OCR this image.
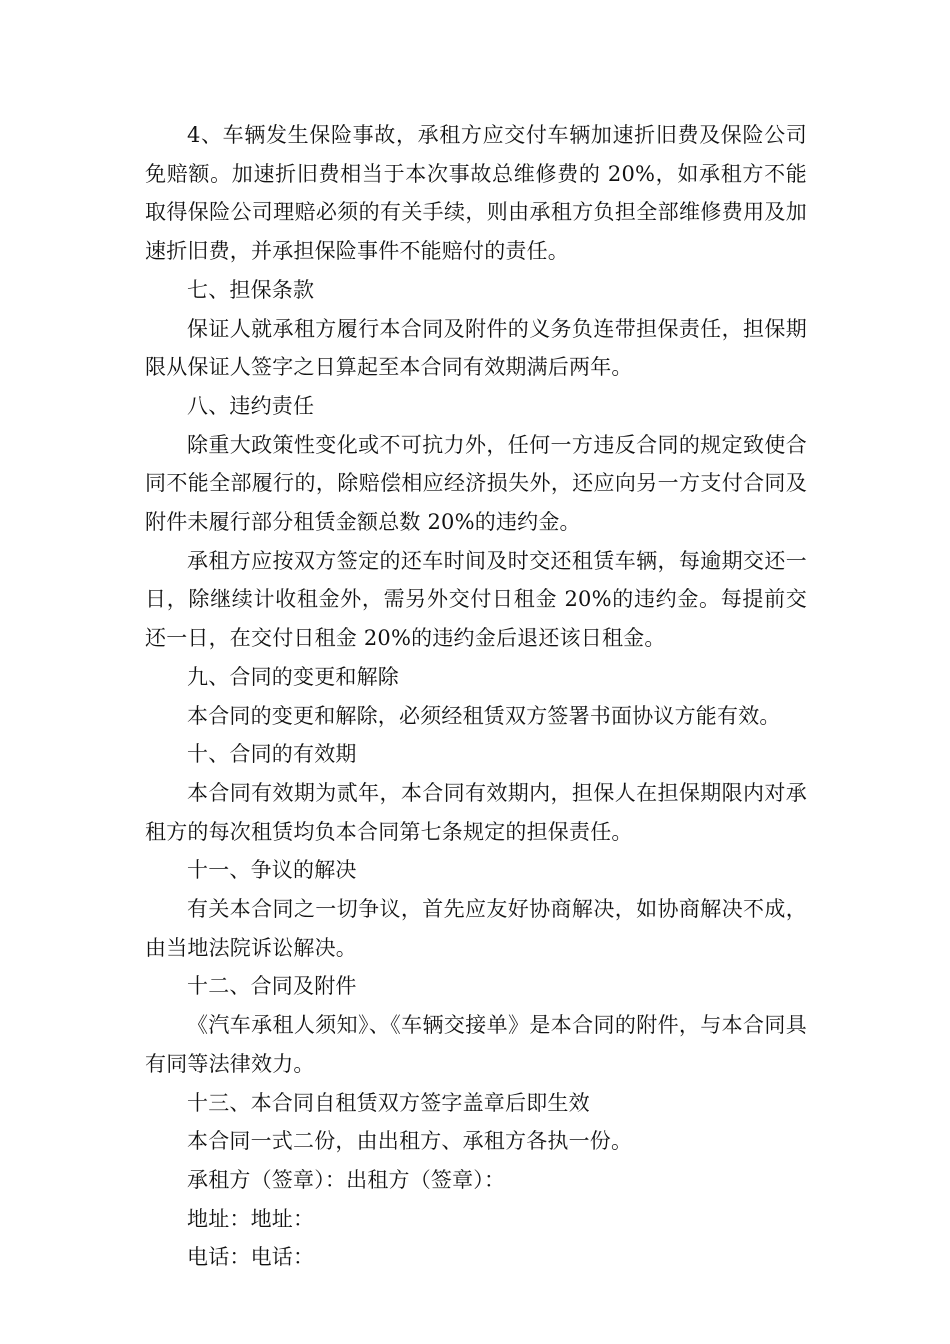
4、车辆发生保险事故，承租方应交付车辆加速折旧费及保险公司免赔额。加速折旧费相当于本次事故总维修费的 20%，如承租方不能取得保险公司理赔必须的有关手续，则由承租方负担全部维修费用及加速折旧费，并承担保险事件不能赔付的责任。

七、担保条款

保证人就承租方履行本合同及附件的义务负连带担保责任，担保期限从保证人签字之日算起至本合同有效期满后两年。

八、违约责任

除重大政策性变化或不可抗力外，任何一方违反合同的规定致使合同不能全部履行的，除赔偿相应经济损失外，还应向另一方支付合同及附件未履行部分租赁金额总数 20%的违约金。

承租方应按双方签定的还车时间及时交还租赁车辆，每逾期交还一日，除继续计收租金外，需另外交付日租金 20%的违约金。每提前交还一日，在交付日租金 20%的违约金后退还该日租金。

九、合同的变更和解除

本合同的变更和解除，必须经租赁双方签署书面协议方能有效。

十、合同的有效期

本合同有效期为贰年，本合同有效期内，担保人在担保期限内对承租方的每次租赁均负本合同第七条规定的担保责任。

十一、争议的解决

有关本合同之一切争议，首先应友好协商解决，如协商解决不成，由当地法院诉讼解决。

十二、合同及附件

《汽车承租人须知》、《车辆交接单》是本合同的附件，与本合同具有同等法律效力。

十三、本合同自租赁双方签字盖章后即生效

本合同一式二份，由出租方、承租方各执一份。

承租方（签章）：出租方（签章）：

地址：地址：

电话：电话：
